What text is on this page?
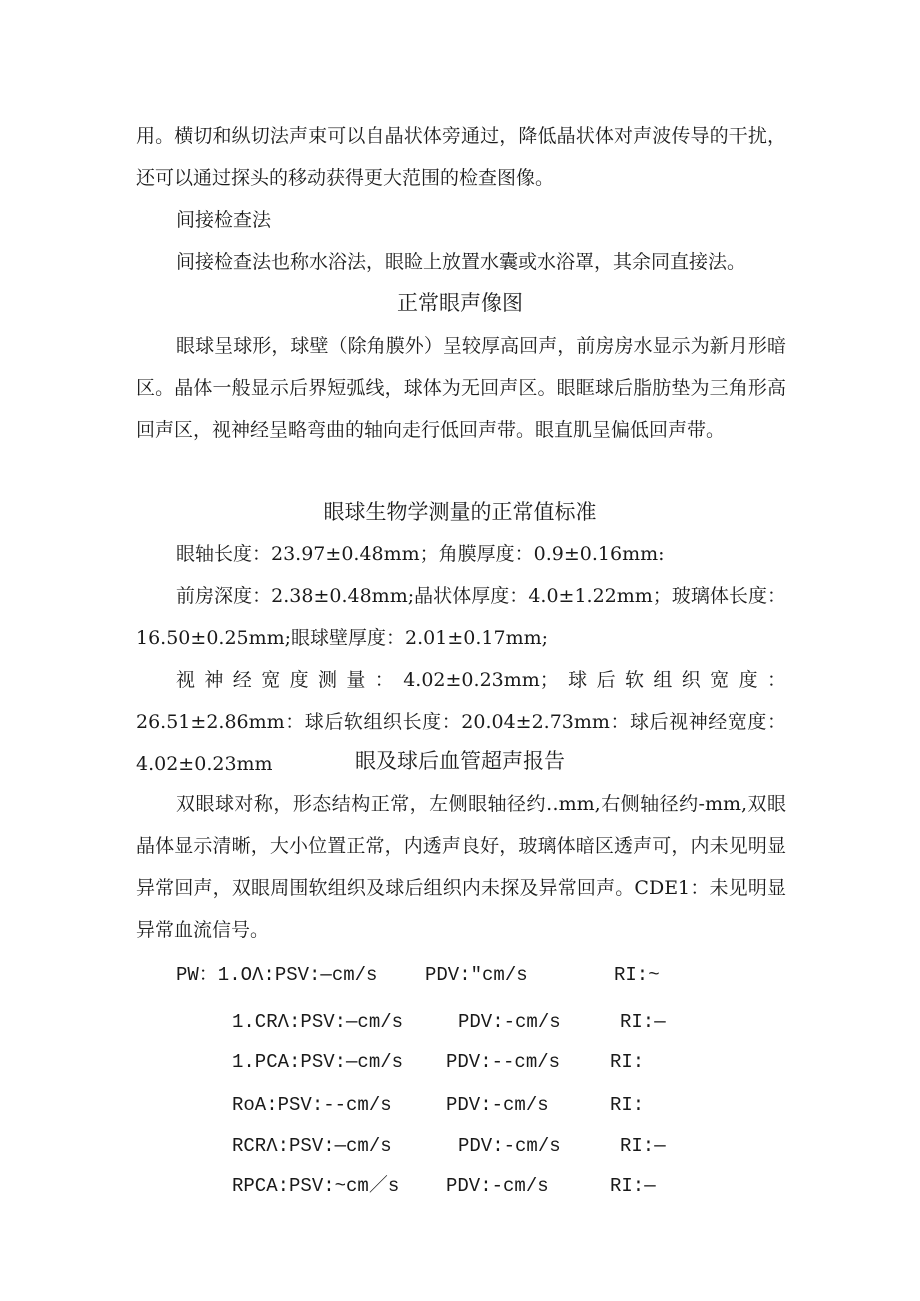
用。横切和纵切法声束可以自晶状体旁通过，降低晶状体对声波传导的干扰，还可以通过探头的移动获得更大范围的检查图像。

间接检查法

间接检查法也称水浴法，眼睑上放置水囊或水浴罩，其余同直接法。

正常眼声像图

眼球呈球形，球壁（除角膜外）呈较厚高回声，前房房水显示为新月形暗区。晶体一般显示后界短弧线，球体为无回声区。眼眶球后脂肪垫为三角形高回声区，视神经呈略弯曲的轴向走行低回声带。眼直肌呈偏低回声带。

眼球生物学测量的正常值标准

眼轴长度：23.97±0.48mm；角膜厚度：0.9±0.16mm:

前房深度：2.38±0.48mm;晶状体厚度：4.0±1.22mm；玻璃体长度：16.50±0.25mm;眼球壁厚度：2.01±0.17mm;

视神经宽度测量：4.02±0.23mm；球后软组织宽度：26.51±2.86mm：球后软组织长度：20.04±2.73mm：球后视神经宽度：4.02±0.23mm	眼及球后血管超声报告

双眼球对称，形态结构正常，左侧眼轴径约‥mm,右侧轴径约-mm,双眼晶体显示清晰，大小位置正常，内透声良好，玻璃体暗区透声可，内未见明显异常回声，双眼周围软组织及球后组织内未探及异常回声。CDE1：未见明显异常血流信号。

PW：1.OΛ:PSV:—cm/s	PDV:"cm/s	RI:~
1.CRΛ:PSV:—cm/s	PDV:-cm/s	RI:—
1.PCA:PSV:—cm/s PDV:--cm/s	RI:
RoA:PSV:--cm/s	PDV:-cm/s	RI:
RCRΛ:PSV:—cm/s	PDV:-cm/s	RI:—
RPCA:PSV:~cm／s PDV:-cm/s	RI:—
